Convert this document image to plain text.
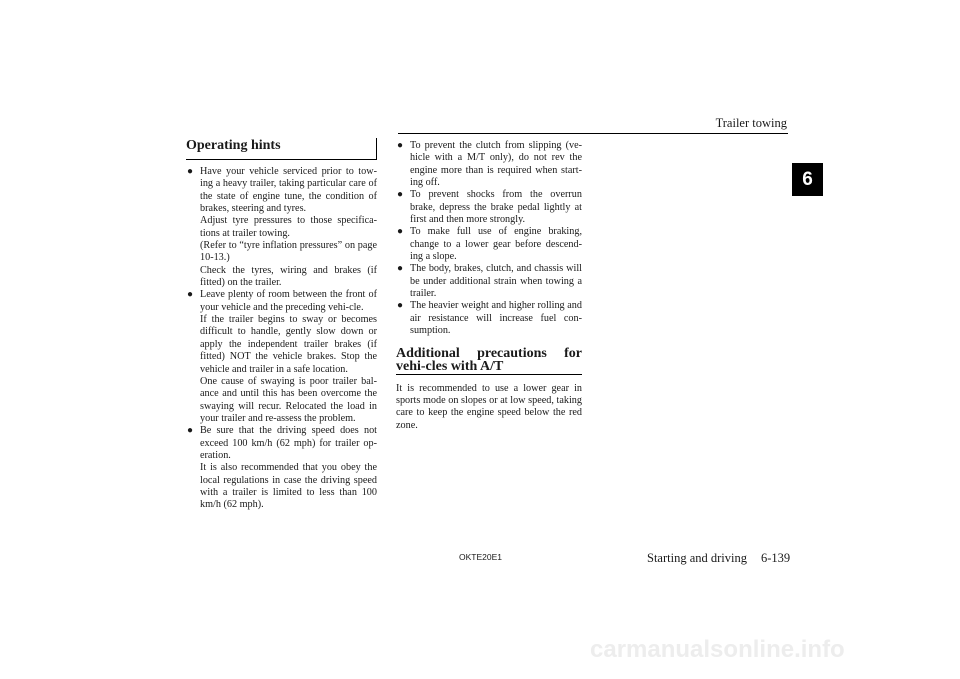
Trailer towing
6
Operating hints
● Have your vehicle serviced prior to tow-ing a heavy trailer, taking particular care of the state of engine tune, the condition of brakes, steering and tyres.

Adjust tyre pressures to those specifica-tions at trailer towing.

(Refer to “tyre inflation pressures” on page 10-13.)

Check the tyres, wiring and brakes (if fitted) on the trailer.

● Leave plenty of room between the front of your vehicle and the preceding vehi-cle.

If the trailer begins to sway or becomes difficult to handle, gently slow down or apply the independent trailer brakes (if fitted) NOT the vehicle brakes. Stop the vehicle and trailer in a safe location.

One cause of swaying is poor trailer bal-ance and until this has been overcome the swaying will recur. Relocated the load in your trailer and re-assess the problem.

● Be sure that the driving speed does not exceed 100 km/h (62 mph) for trailer op-eration.

It is also recommended that you obey the local regulations in case the driving speed with a trailer is limited to less than 100 km/h (62 mph).

● To prevent the clutch from slipping (ve-hicle with a M/T only), do not rev the engine more than is required when start-ing off.

● To prevent shocks from the overrun brake, depress the brake pedal lightly at first and then more strongly.

● To make full use of engine braking, change to a lower gear before descend-ing a slope.

● The body, brakes, clutch, and chassis will be under additional strain when towing a trailer.

● The heavier weight and higher rolling and air resistance will increase fuel con-sumption.

Additional precautions for vehi-cles with A/T

It is recommended to use a lower gear in sports mode on slopes or at low speed, taking care to keep the engine speed below the red zone.

OKTE20E1	Starting and driving 6-139
carmanualsonline.info
